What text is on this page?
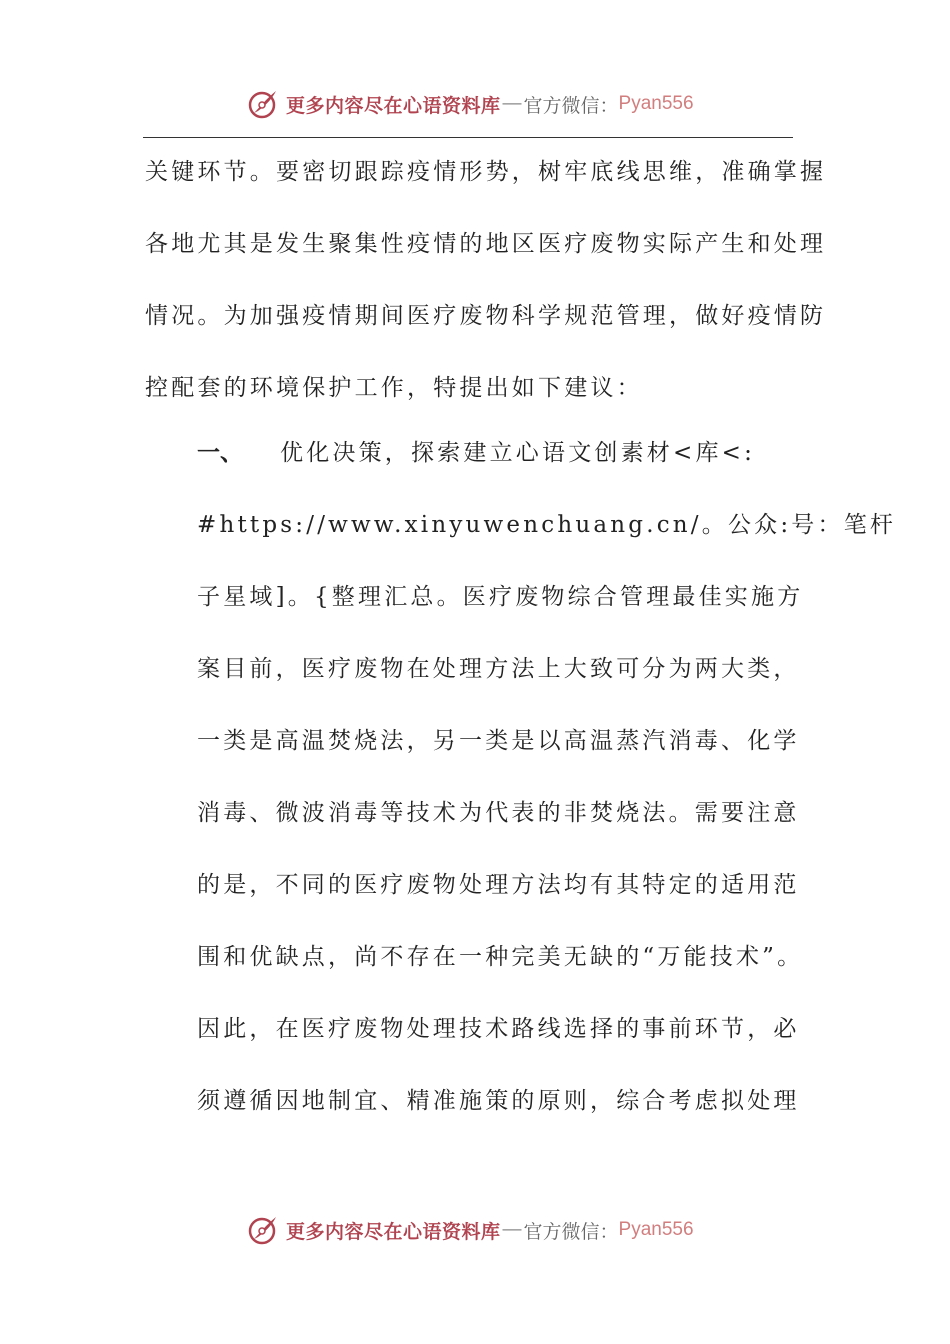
更多内容尽在心语资料库 — 官方微信： Pyan556
关键环节。要密切跟踪疫情形势，树牢底线思维，准确掌握
各地尤其是发生聚集性疫情的地区医疗废物实际产生和处理
情况。为加强疫情期间医疗废物科学规范管理，做好疫情防
控配套的环境保护工作，特提出如下建议：
一、 优化决策，探索建立心语文创素材<库<:
#https://www.xinyuwenchuang.cn/。公众:号：笔杆
子星域]。{整理汇总。医疗废物综合管理最佳实施方
案目前，医疗废物在处理方法上大致可分为两大类，
一类是高温焚烧法，另一类是以高温蒸汽消毒、化学
消毒、微波消毒等技术为代表的非焚烧法。需要注意
的是，不同的医疗废物处理方法均有其特定的适用范
围和优缺点，尚不存在一种完美无缺的“万能技术”。
因此，在医疗废物处理技术路线选择的事前环节，必
须遵循因地制宜、精准施策的原则，综合考虑拟处理
更多内容尽在心语资料库 — 官方微信： Pyan556
